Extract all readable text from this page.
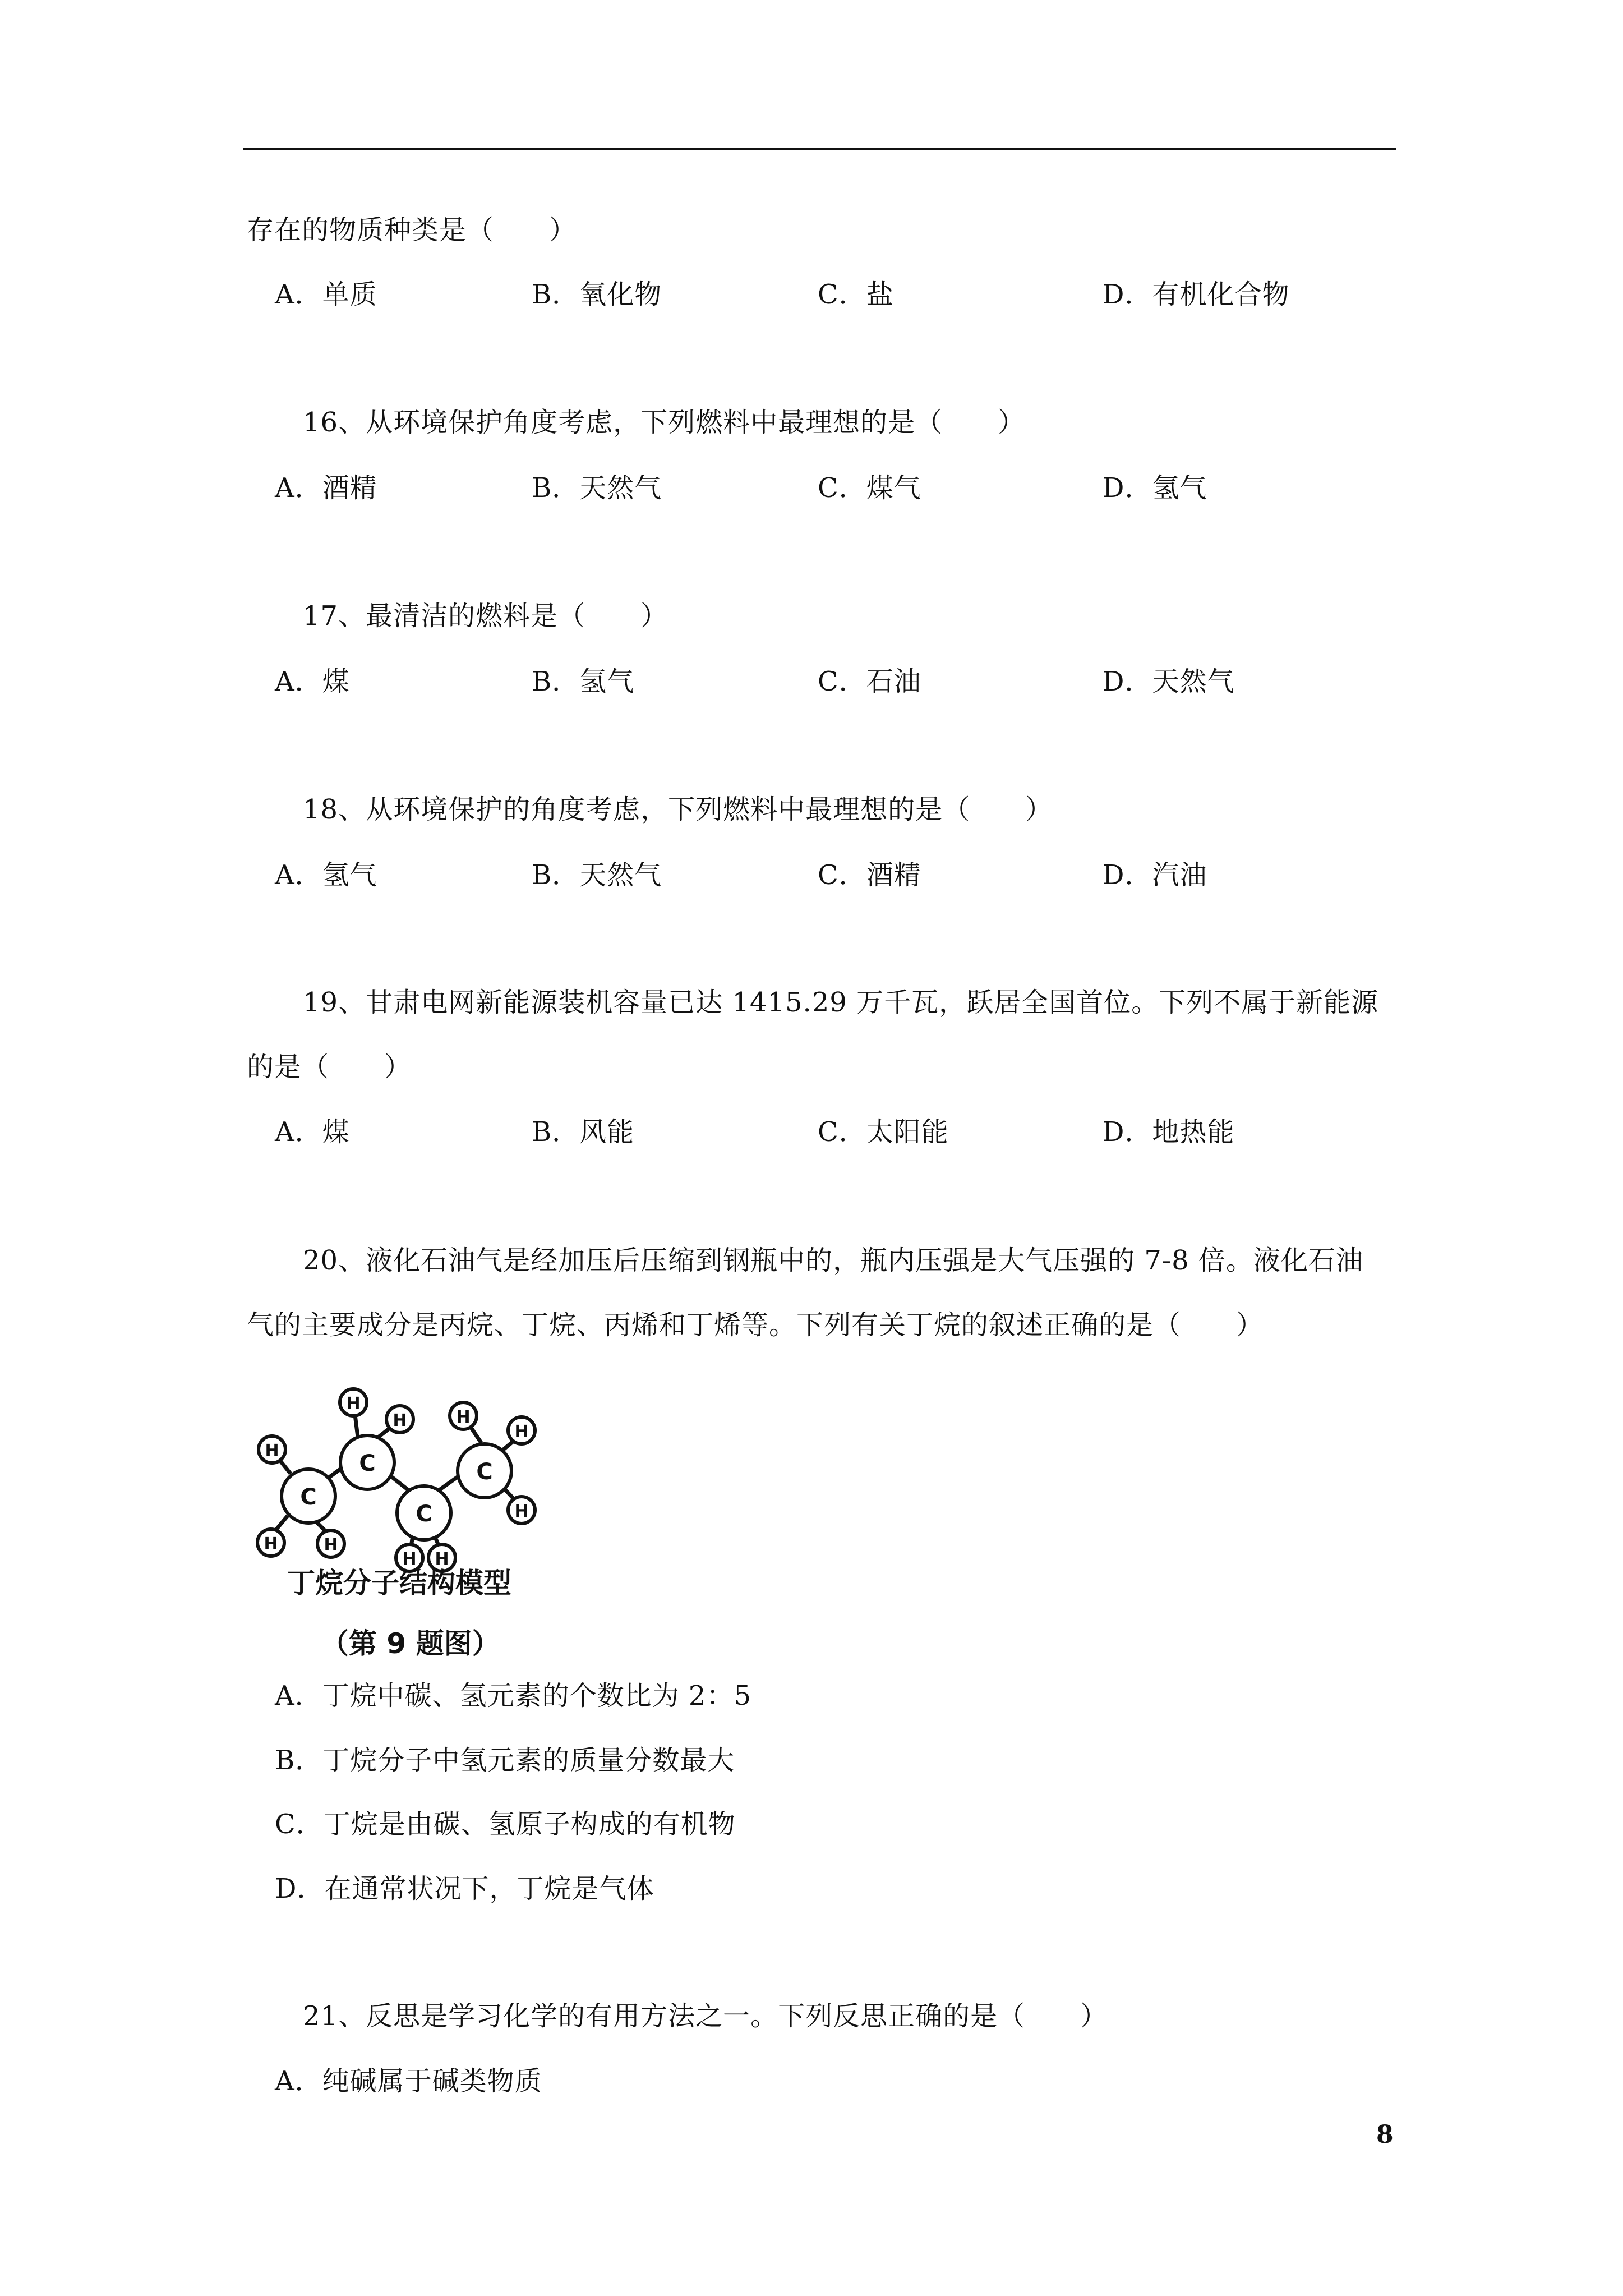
存在的物质种类是（　　）
A．单质	B．氧化物	C．盐	D．有机化合物
16、从环境保护角度考虑，下列燃料中最理想的是（　　）
A．酒精	B．天然气	C．煤气	D．氢气
17、最清洁的燃料是（　　）
A．煤	B．氢气	C．石油	D．天然气
18、从环境保护的角度考虑，下列燃料中最理想的是（　　）
A．氢气	B．天然气	C．酒精	D．汽油
19、甘肃电网新能源装机容量已达 1415.29 万千瓦，跃居全国首位。下列不属于新能源
的是（　　）
A．煤	B．风能	C．太阳能	D．地热能
20、液化石油气是经加压后压缩到钢瓶中的，瓶内压强是大气压强的 7-8 倍。液化石油
气的主要成分是丙烷、丁烷、丙烯和丁烯等。下列有关丁烷的叙述正确的是（　　）
C
C
C
C
H
H	H
H
H
H H
H
H
H
丁烷分子结构模型
（第 9 题图）
A．丁烷中碳、氢元素的个数比为 2：5
B．丁烷分子中氢元素的质量分数最大
C．丁烷是由碳、氢原子构成的有机物
D．在通常状况下，丁烷是气体
21、反思是学习化学的有用方法之一。下列反思正确的是（　　）
A．纯碱属于碱类物质
8
